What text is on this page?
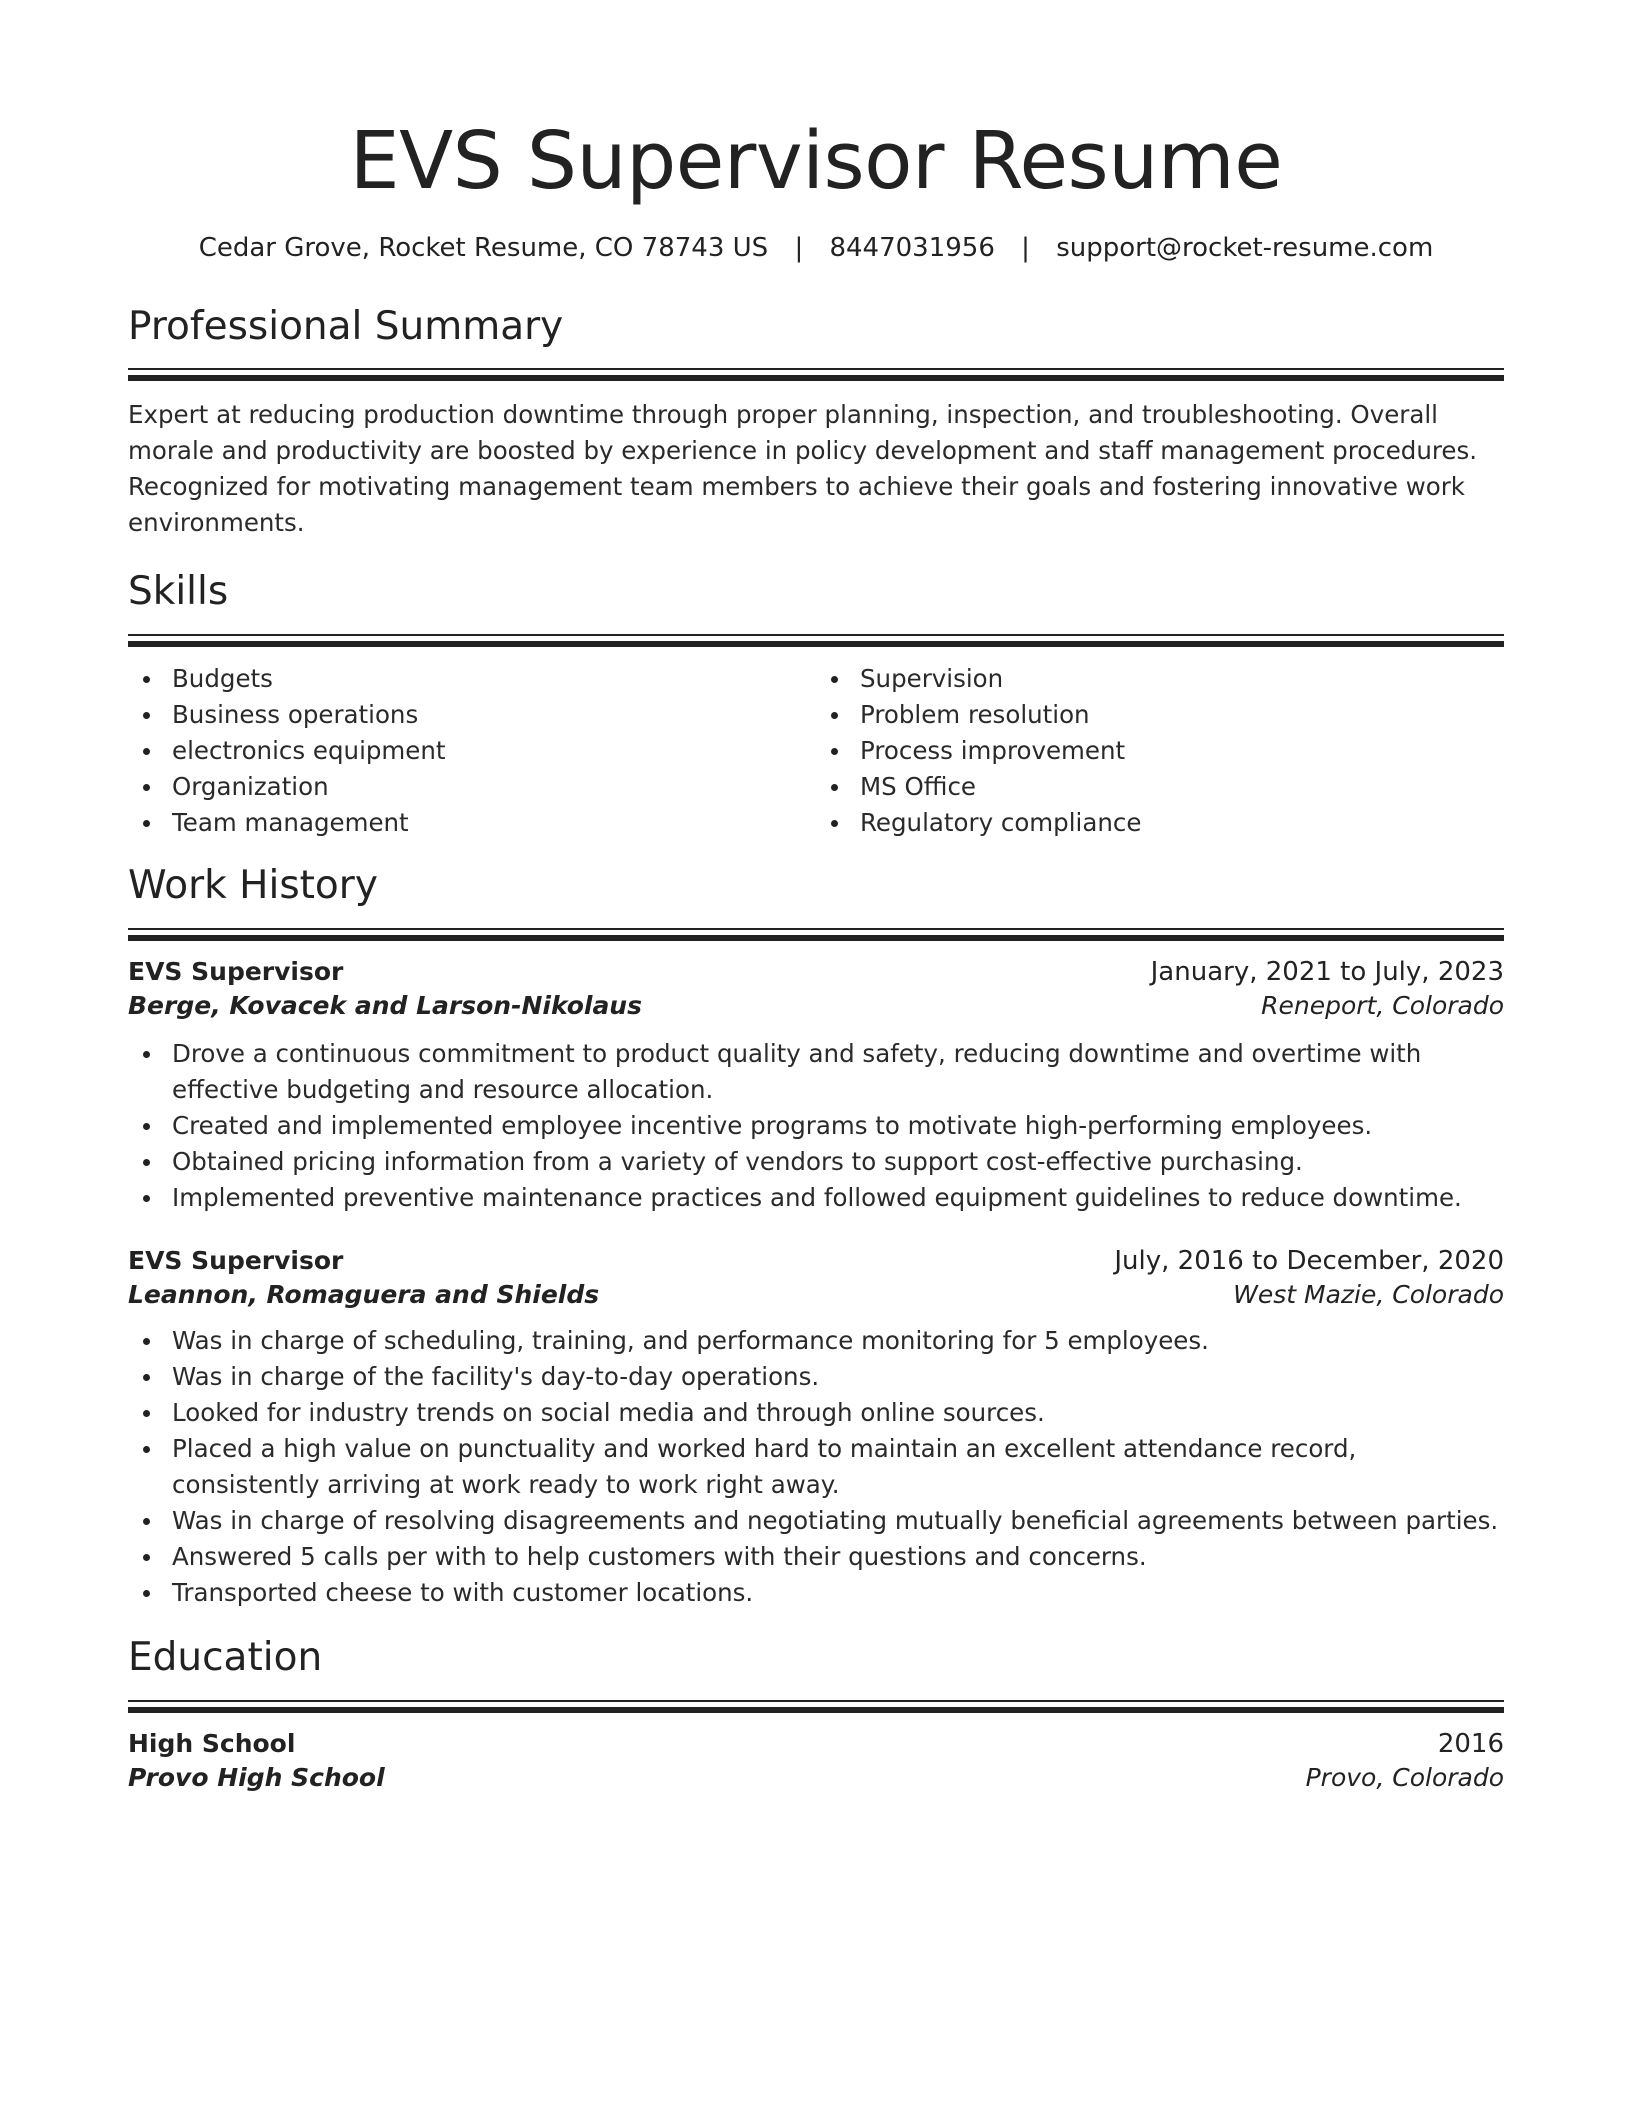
EVS Supervisor Resume
Cedar Grove, Rocket Resume, CO 78743 US | 8447031956 | support@rocket-resume.com
Professional Summary
Expert at reducing production downtime through proper planning, inspection, and troubleshooting. Overall morale and productivity are boosted by experience in policy development and staff management procedures. Recognized for motivating management team members to achieve their goals and fostering innovative work environments.
Skills
Budgets
Business operations
electronics equipment
Organization
Team management
Supervision
Problem resolution
Process improvement
MS Office
Regulatory compliance
Work History
EVS Supervisor	January, 2021 to July, 2023
Berge, Kovacek and Larson-Nikolaus	Reneport, Colorado
Drove a continuous commitment to product quality and safety, reducing downtime and overtime with effective budgeting and resource allocation.
Created and implemented employee incentive programs to motivate high-performing employees.
Obtained pricing information from a variety of vendors to support cost-effective purchasing.
Implemented preventive maintenance practices and followed equipment guidelines to reduce downtime.
EVS Supervisor	July, 2016 to December, 2020
Leannon, Romaguera and Shields	West Mazie, Colorado
Was in charge of scheduling, training, and performance monitoring for 5 employees.
Was in charge of the facility's day-to-day operations.
Looked for industry trends on social media and through online sources.
Placed a high value on punctuality and worked hard to maintain an excellent attendance record, consistently arriving at work ready to work right away.
Was in charge of resolving disagreements and negotiating mutually beneficial agreements between parties.
Answered 5 calls per with to help customers with their questions and concerns.
Transported cheese to with customer locations.
Education
High School	2016
Provo High School	Provo, Colorado
